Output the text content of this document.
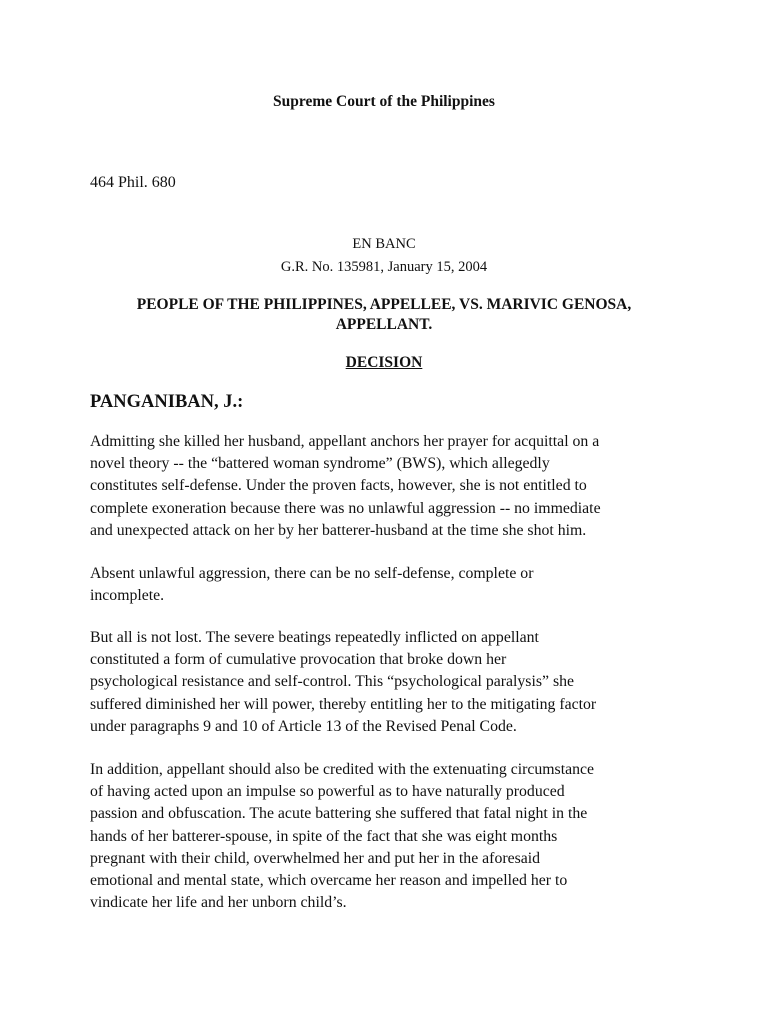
Supreme Court of the Philippines
464 Phil. 680
EN BANC
G.R. No. 135981, January 15, 2004
PEOPLE OF THE PHILIPPINES, APPELLEE, VS. MARIVIC GENOSA,
APPELLANT.
DECISION
PANGANIBAN, J.:
Admitting she killed her husband, appellant anchors her prayer for acquittal on a
novel theory -- the “battered woman syndrome” (BWS), which allegedly
constitutes self-defense. Under the proven facts, however, she is not entitled to
complete exoneration because there was no unlawful aggression -- no immediate
and unexpected attack on her by her batterer-husband at the time she shot him.
Absent unlawful aggression, there can be no self-defense, complete or
incomplete.
But all is not lost. The severe beatings repeatedly inflicted on appellant
constituted a form of cumulative provocation that broke down her
psychological resistance and self-control. This “psychological paralysis” she
suffered diminished her will power, thereby entitling her to the mitigating factor
under paragraphs 9 and 10 of Article 13 of the Revised Penal Code.
In addition, appellant should also be credited with the extenuating circumstance
of having acted upon an impulse so powerful as to have naturally produced
passion and obfuscation. The acute battering she suffered that fatal night in the
hands of her batterer-spouse, in spite of the fact that she was eight months
pregnant with their child, overwhelmed her and put her in the aforesaid
emotional and mental state, which overcame her reason and impelled her to
vindicate her life and her unborn child’s.
